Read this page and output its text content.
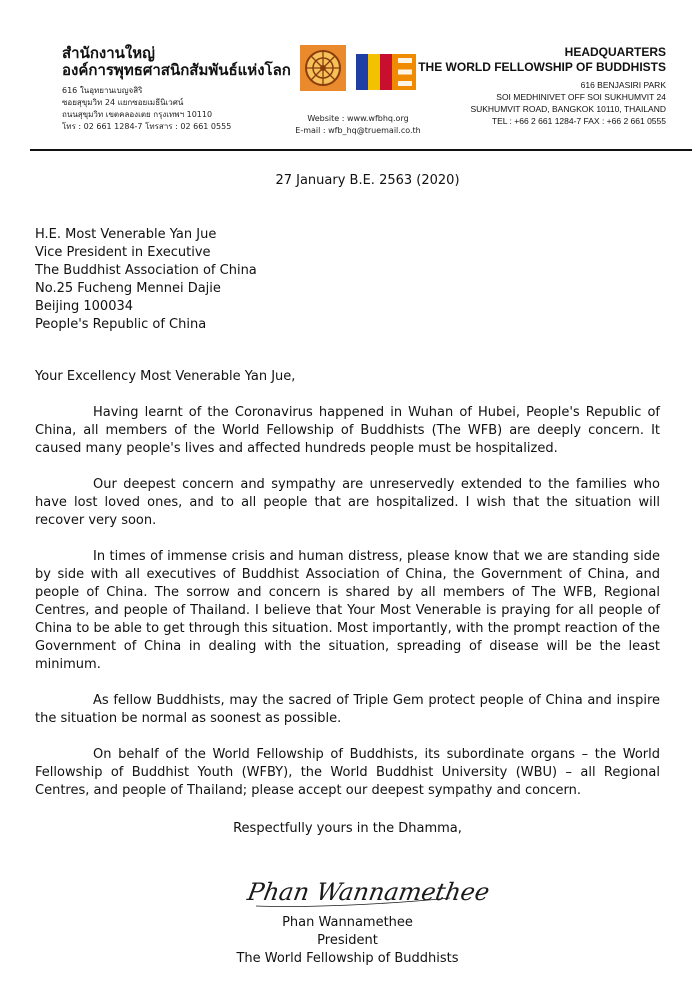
สำนักงานใหญ่
องค์การพุทธศาสนิกสัมพันธ์แห่งโลก
616 ในอุทยานเบญจสิริ
ซอยสุขุมวิท 24 แยกซอยเมธีนิเวศน์
ถนนสุขุมวิท เขตคลองเตย กรุงเทพฯ 10110
โทร : 02 661 1284-7 โทรสาร : 02 661 0555
Website : www.wfbhq.org
E-mail : wfb_hq@truemail.co.th
HEADQUARTERS
THE WORLD FELLOWSHIP OF BUDDHISTS
616 BENJASIRI PARK
SOI MEDHINIVET OFF SOI SUKHUMVIT 24
SUKHUMVIT ROAD, BANGKOK 10110, THAILAND
TEL : +66 2 661 1284-7 FAX : +66 2 661 0555
27 January B.E. 2563 (2020)
H.E. Most Venerable Yan Jue
Vice President in Executive
The Buddhist Association of China
No.25 Fucheng Mennei Dajie
Beijing 100034
People's Republic of China
Your Excellency Most Venerable Yan Jue,

Having learnt of the Coronavirus happened in Wuhan of Hubei, People's Republic of China, all members of the World Fellowship of Buddhists (The WFB) are deeply concern. It caused many people's lives and affected hundreds people must be hospitalized.

Our deepest concern and sympathy are unreservedly extended to the families who have lost loved ones, and to all people that are hospitalized. I wish that the situation will recover very soon.

In times of immense crisis and human distress, please know that we are standing side by side with all executives of Buddhist Association of China, the Government of China, and people of China. The sorrow and concern is shared by all members of The WFB, Regional Centres, and people of Thailand. I believe that Your Most Venerable is praying for all people of China to be able to get through this situation. Most importantly, with the prompt reaction of the Government of China in dealing with the situation, spreading of disease will be the least minimum.

As fellow Buddhists, may the sacred of Triple Gem protect people of China and inspire the situation be normal as soonest as possible.

On behalf of the World Fellowship of Buddhists, its subordinate organs – the World Fellowship of Buddhist Youth (WFBY), the World Buddhist University (WBU) – all Regional Centres, and people of Thailand; please accept our deepest sympathy and concern.

Respectfully yours in the Dhamma,
Phan Wannamethee
Phan Wannamethee
President
The World Fellowship of Buddhists
